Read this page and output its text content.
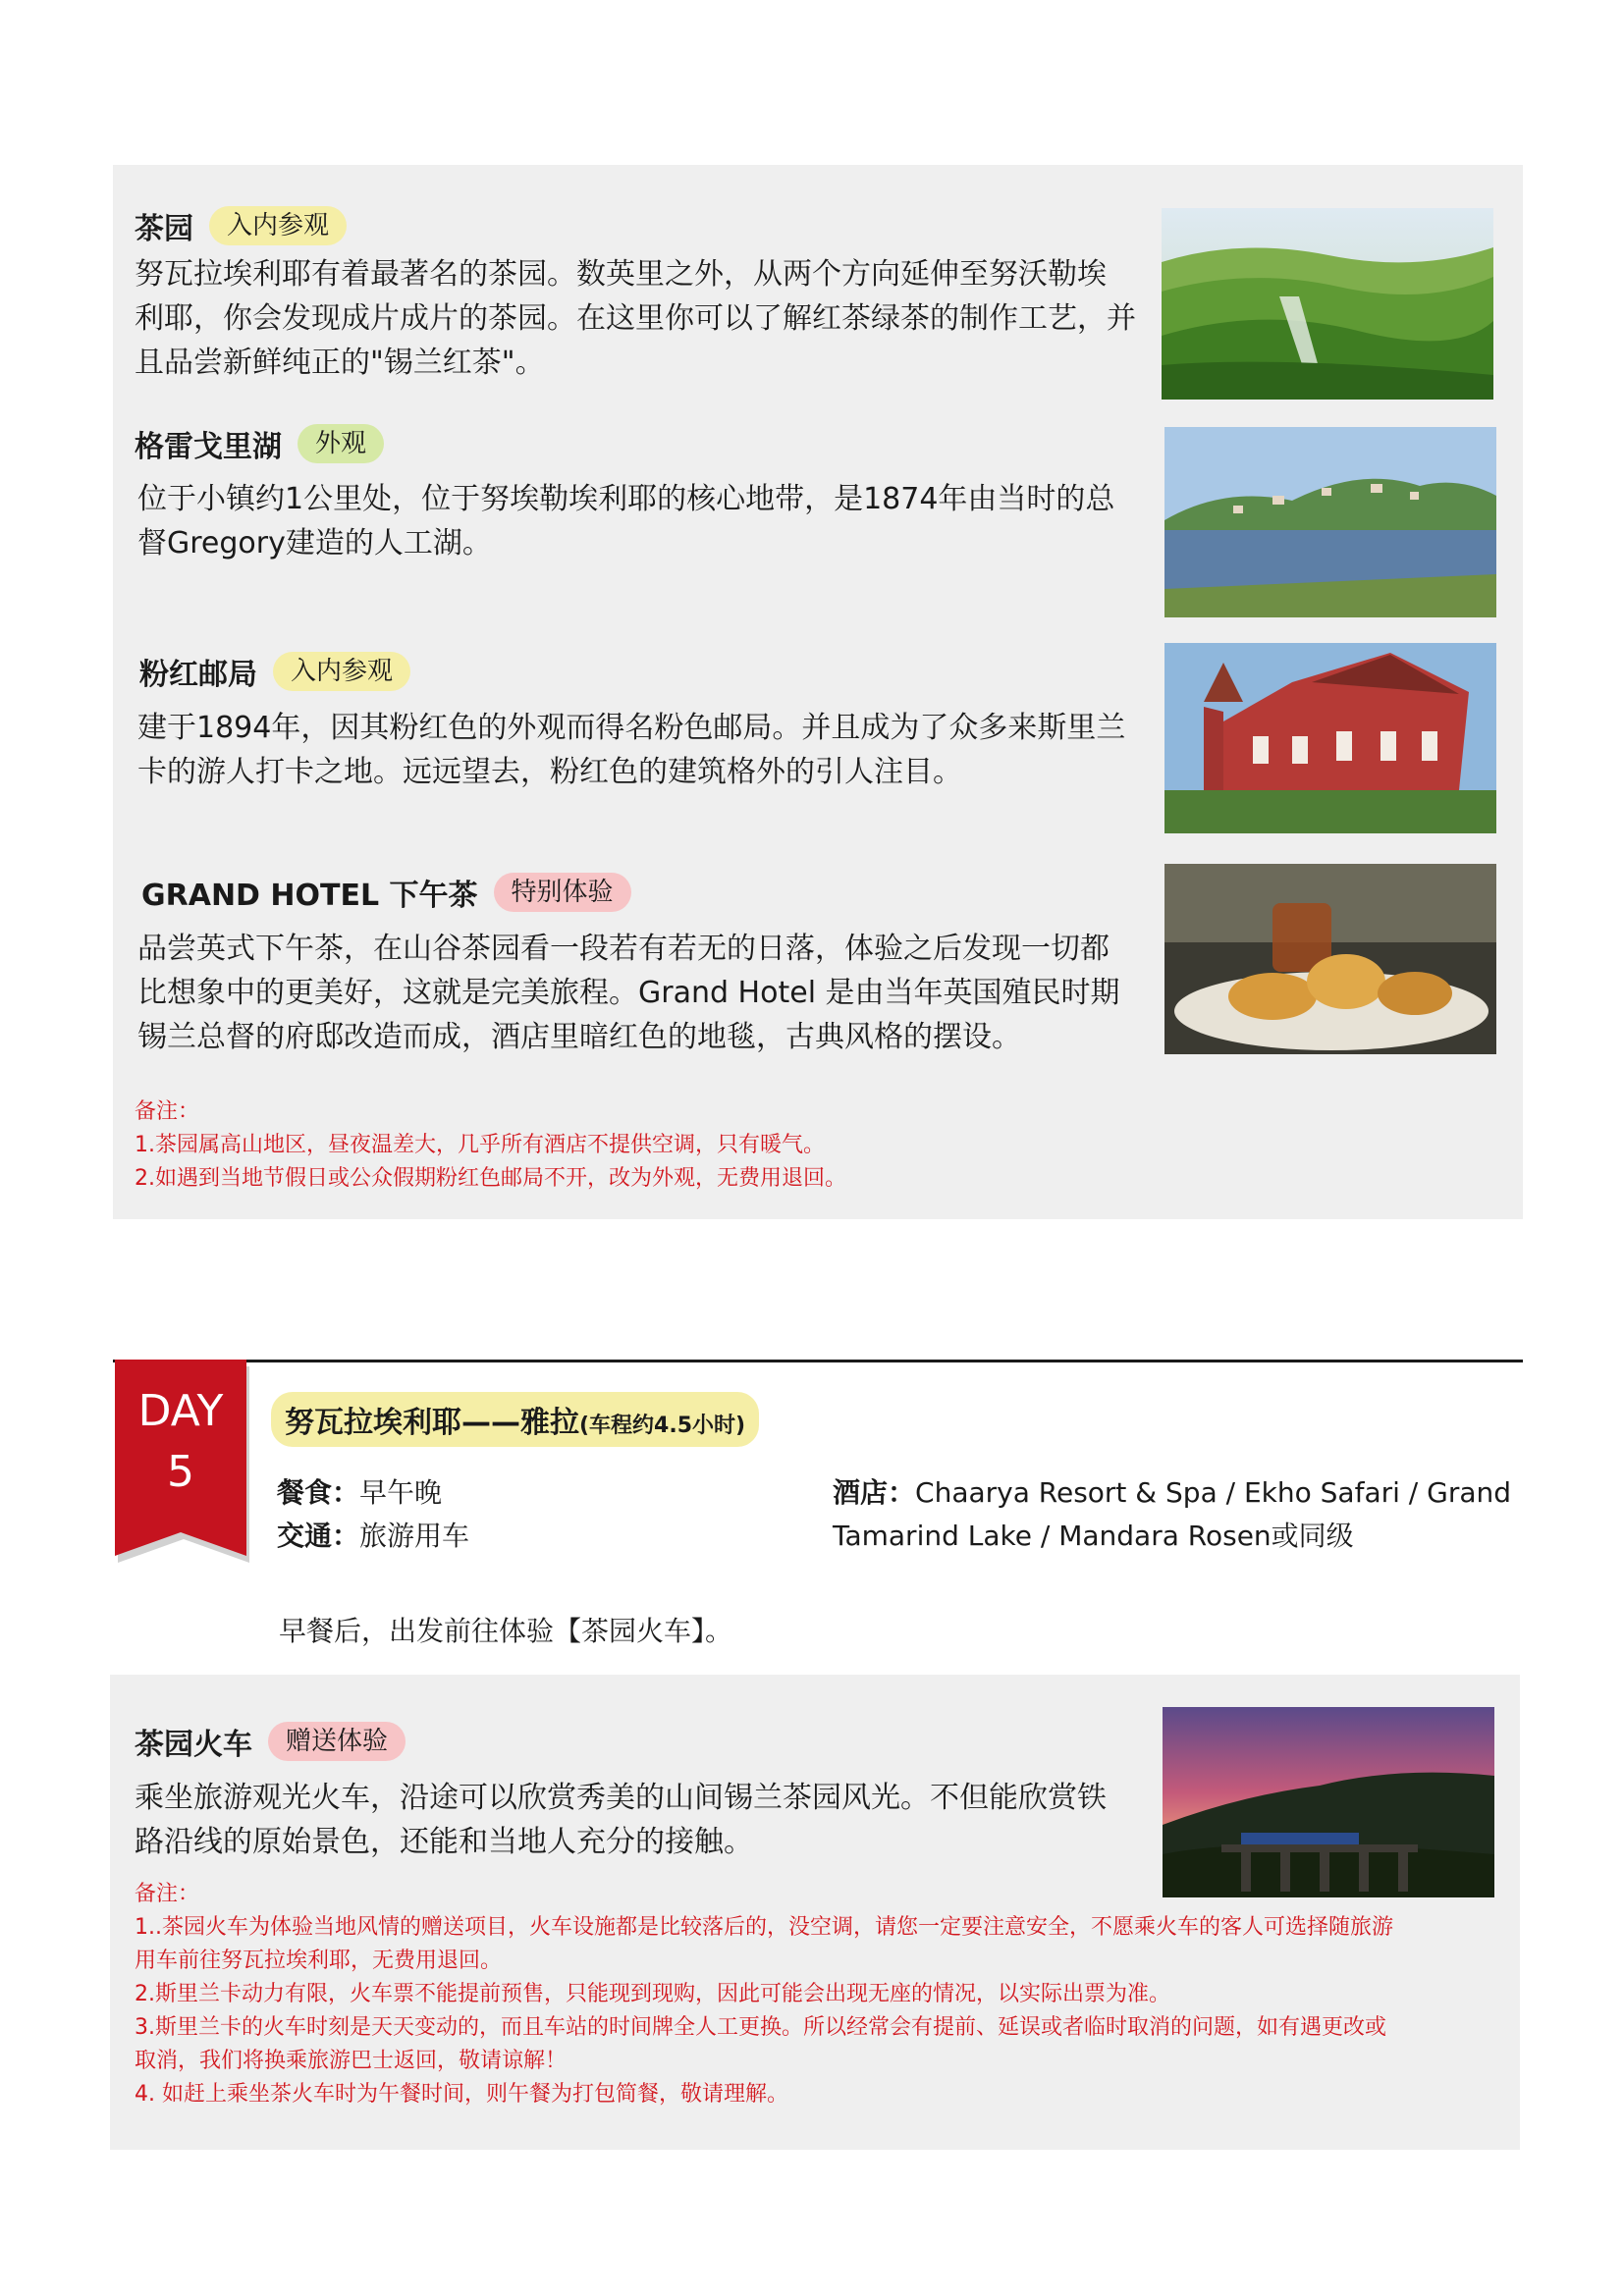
茶园	入内参观
努瓦拉埃利耶有着最著名的茶园。数英里之外，从两个方向延伸至努沃勒埃
利耶，你会发现成片成片的茶园。在这里你可以了解红茶绿茶的制作工艺，并
且品尝新鲜纯正的"锡兰红茶"。
格雷戈里湖	外观
位于小镇约1公里处，位于努埃勒埃利耶的核心地带，是1874年由当时的总
督Gregory建造的人工湖。
粉红邮局	入内参观
建于1894年，因其粉红色的外观而得名粉色邮局。并且成为了众多来斯里兰
卡的游人打卡之地。远远望去，粉红色的建筑格外的引人注目。
GRAND HOTEL 下午茶	特别体验
品尝英式下午茶，在山谷茶园看一段若有若无的日落，体验之后发现一切都
比想象中的更美好，这就是完美旅程。Grand Hotel 是由当年英国殖民时期
锡兰总督的府邸改造而成，酒店里暗红色的地毯，古典风格的摆设。
备注：
1.茶园属高山地区，昼夜温差大，几乎所有酒店不提供空调，只有暖气。
2.如遇到当地节假日或公众假期粉红色邮局不开，改为外观，无费用退回。
DAY
5
努瓦拉埃利耶——雅拉(车程约4.5小时)
餐食：早午晚
交通：旅游用车
酒店：Chaarya Resort & Spa / Ekho Safari / Grand
Tamarind Lake / Mandara Rosen或同级
早餐后，出发前往体验【茶园火车】。
茶园火车	赠送体验
乘坐旅游观光火车，沿途可以欣赏秀美的山间锡兰茶园风光。不但能欣赏铁
路沿线的原始景色，还能和当地人充分的接触。
备注：
1..茶园火车为体验当地风情的赠送项目，火车设施都是比较落后的，没空调，请您一定要注意安全，不愿乘火车的客人可选择随旅游
用车前往努瓦拉埃利耶，无费用退回。
2.斯里兰卡动力有限，火车票不能提前预售，只能现到现购，因此可能会出现无座的情况，以实际出票为准。
3.斯里兰卡的火车时刻是天天变动的，而且车站的时间牌全人工更换。所以经常会有提前、延误或者临时取消的问题，如有遇更改或
取消，我们将换乘旅游巴士返回，敬请谅解！
4. 如赶上乘坐茶火车时为午餐时间，则午餐为打包简餐，敬请理解。
